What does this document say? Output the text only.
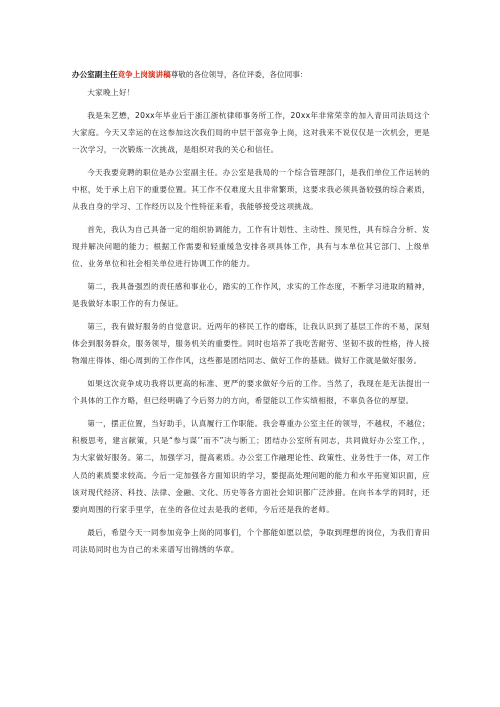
办公室副主任竞争上岗演讲稿尊敬的各位领导，各位评委，各位同事：

大家晚上好！

我是朱艺懋，20xx年毕业后于浙江浙杭律师事务所工作，20xx年非常荣幸的加入青田司法局这个大家庭。今天又幸运的在这参加这次我们局的中层干部竞争上岗，这对我来不说仅仅是一次机会，更是一次学习，一次锻炼一次挑战，是组织对我的关心和信任。

今天我要竞聘的职位是办公室副主任。办公室是我局的一个综合管理部门，是我们单位工作运转的中枢，处于承上启下的重要位置。其工作不仅难度大且非常繁琐，这要求我必须具备较强的综合素质，从我自身的学习、工作经历以及个性特征来看，我能够接受这项挑战。

首先，我认为自己具备一定的组织协调能力，工作有计划性、主动性、预见性，具有综合分析、发现并解决问题的能力；根据工作需要和轻重缓急安排各项具体工作，具有与本单位其它部门、上级单位、业务单位和社会相关单位进行协调工作的能力。

第二，我具备强烈的责任感和事业心，踏实的工作作风，求实的工作态度，不断学习进取的精神，是我做好本职工作的有力保证。

第三，我有做好服务的自觉意识。近两年的移民工作的磨练，让我认识到了基层工作的不易，深刻体会到服务群众，服务领导，服务机关的重要性。同时也培养了我吃苦耐劳、坚韧不拔的性格，待人接物端庄得体、细心周到的工作作风，这些都是团结同志、做好工作的基础。做好工作就是做好服务。

如果这次竞争成功我将以更高的标准、更严的要求做好今后的工作。当然了，我现在是无法提出一个具体的工作方略，但已经明确了今后努力的方向，希望能以工作实绩相报，不辜负各位的厚望。

第一，摆正位置，当好助手，认真履行工作职能。我会尊重办公室主任的领导，不越权，不越位；积极思考，建言献策，只是“参与谋’’而不”决与断工；团结办公室所有同志，共同做好办公室工作，，为大家做好服务。第二，加强学习，提高素质。办公室工作融理论性、政策性、业务性于一体，对工作人员的素质要求较高。今后一定加强各方面知识的学习，要提高处理问题的能力和水平拓宽知识面，应该对现代经济、科技、法律、金融、文化、历史等各方面社会知识都广泛涉猎。在向书本学的同时，还要向周围的行家手里学，在坐的各位过去是我的老师，今后还是我的老师。

最后，希望今天一同参加竞争上岗的同事们，个个都能如愿以偿，争取到理想的岗位，为我们青田司法局同时也为自己的未来谱写出锦绣的华章。
